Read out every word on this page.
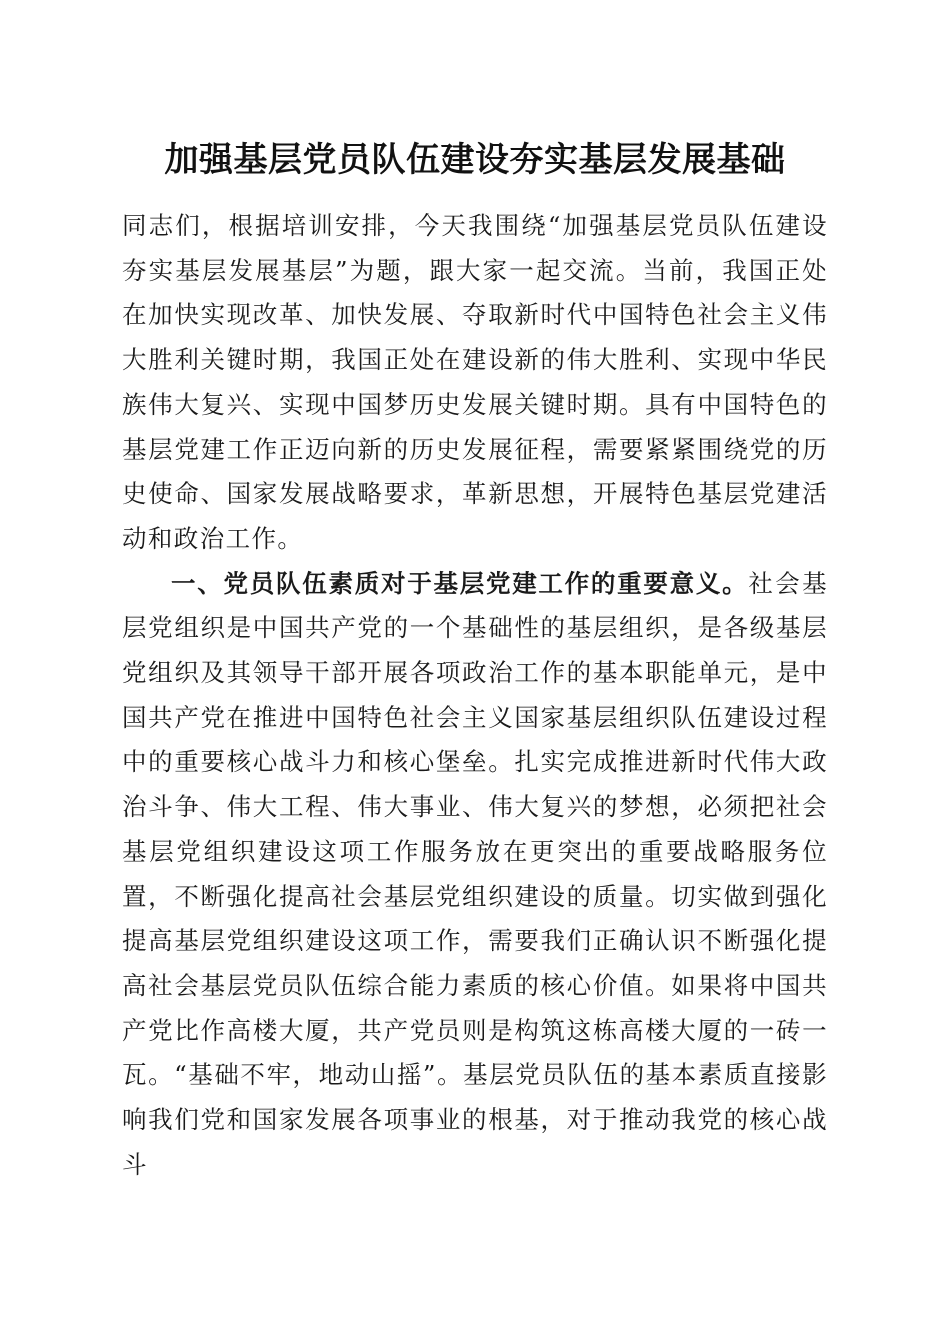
加强基层党员队伍建设夯实基层发展基础

同志们，根据培训安排，今天我围绕“加强基层党员队伍建设夯实基层发展基层”为题，跟大家一起交流。当前，我国正处在加快实现改革、加快发展、夺取新时代中国特色社会主义伟大胜利关键时期，我国正处在建设新的伟大胜利、实现中华民族伟大复兴、实现中国梦历史发展关键时期。具有中国特色的基层党建工作正迈向新的历史发展征程，需要紧紧围绕党的历史使命、国家发展战略要求，革新思想，开展特色基层党建活动和政治工作。

一、党员队伍素质对于基层党建工作的重要意义。社会基层党组织是中国共产党的一个基础性的基层组织，是各级基层党组织及其领导干部开展各项政治工作的基本职能单元，是中国共产党在推进中国特色社会主义国家基层组织队伍建设过程中的重要核心战斗力和核心堡垒。扎实完成推进新时代伟大政治斗争、伟大工程、伟大事业、伟大复兴的梦想，必须把社会基层党组织建设这项工作服务放在更突出的重要战略服务位置，不断强化提高社会基层党组织建设的质量。切实做到强化提高基层党组织建设这项工作，需要我们正确认识不断强化提高社会基层党员队伍综合能力素质的核心价值。如果将中国共产党比作高楼大厦，共产党员则是构筑这栋高楼大厦的一砖一瓦。“基础不牢，地动山摇”。基层党员队伍的基本素质直接影响我们党和国家发展各项事业的根基，对于推动我党的核心战斗
